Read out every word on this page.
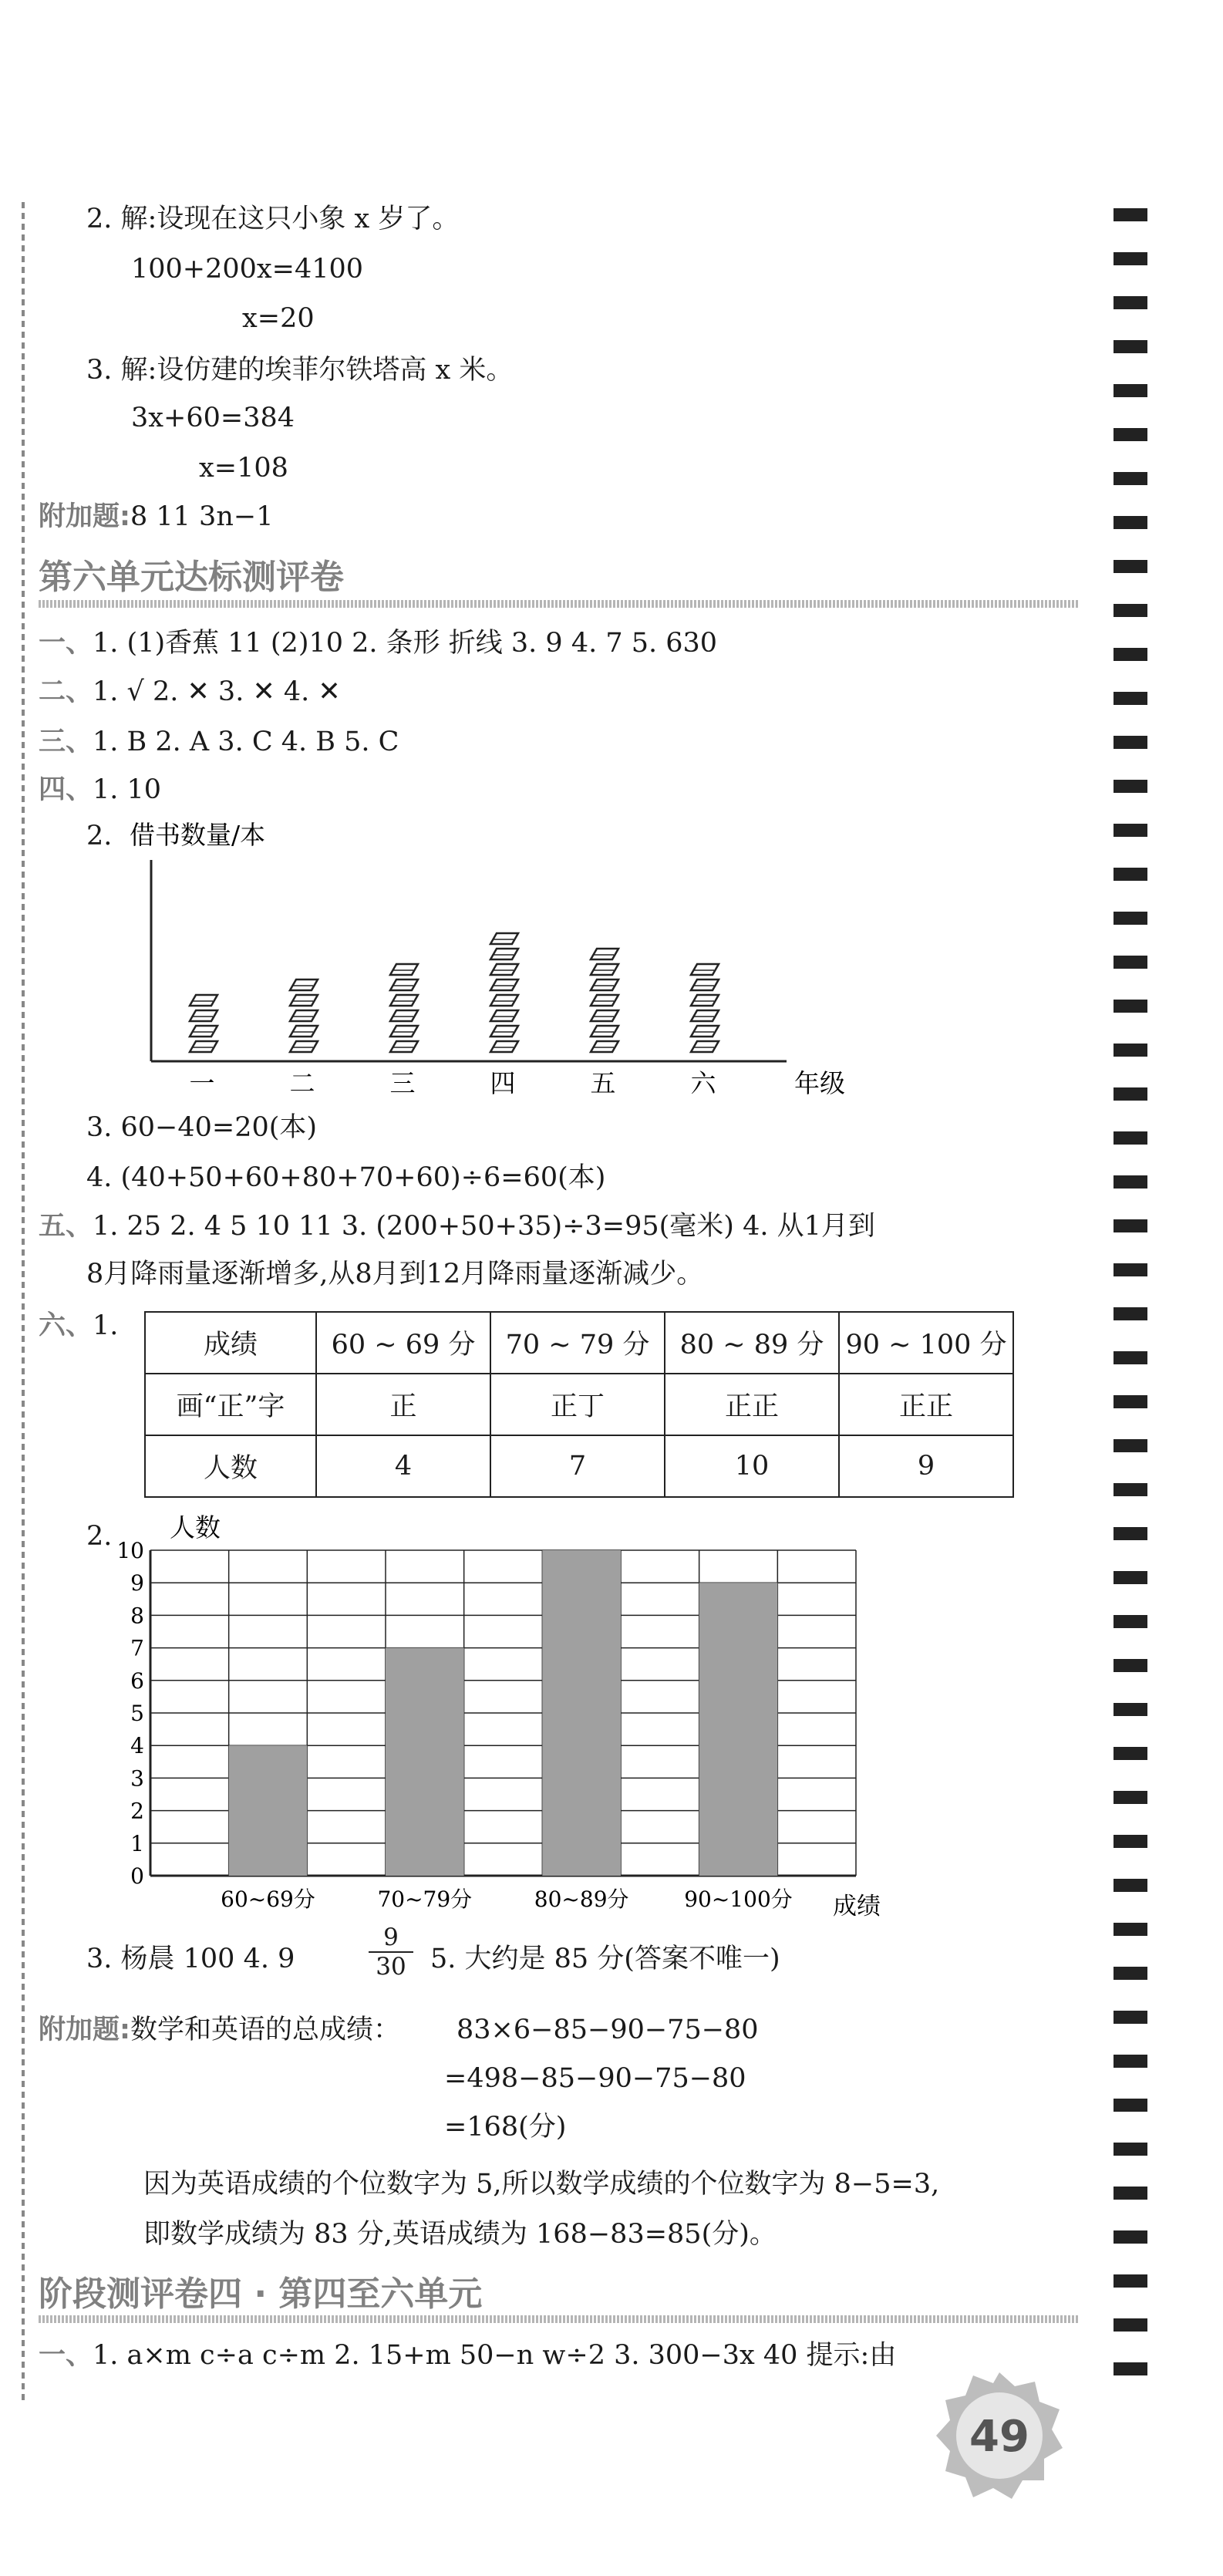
2. 解:设现在这只小象 x 岁了。
100+200x=4100
x=20
3. 解:设仿建的埃菲尔铁塔高 x 米。
3x+60=384
x=108
附加题:8 11 3n−1
第六单元达标测评卷
一、1. (1)香蕉 11 (2)10 2. 条形 折线 3. 9 4. 7 5. 630
二、1. √ 2. ✕ 3. ✕ 4. ✕
三、1. B 2. A 3. C 4. B 5. C
四、1. 10
2. 借书数量/本
一	二	三	四	五	六	年级
3. 60−40=20(本)
4. (40+50+60+80+70+60)÷6=60(本)
五、1. 25 2. 4 5 10 11 3. (200+50+35)÷3=95(毫米) 4. 从1月到
8月降雨量逐渐增多,从8月到12月降雨量逐渐减少。
六、1.
成绩	60 ~ 69 分	70 ~ 79 分	80 ~ 89 分	90 ~ 100 分
画“正”字	正	正丁	正正	正正
人数	4	7	10	9
2. 人数
0
1
2
3
4
5
6
7
8
9
10
60~69分	70~79分	80~89分	90~100分 成绩
3. 杨晨 100 4. 9	$\frac{9}{30} 5$. 大约是 85 分(答案不唯一)
附加题:数学和英语的总成绩： 83×6−85−90−75−80
=498−85−90−75−80
=168(分)
因为英语成绩的个位数字为 5,所以数学成绩的个位数字为 8−5=3,
即数学成绩为 83 分,英语成绩为 168−83=85(分)。
阶段测评卷四 · 第四至六单元
一、1. a×m c÷a c÷m 2. 15+m 50−n w÷2 3. 300−3x 40 提示:由
49
